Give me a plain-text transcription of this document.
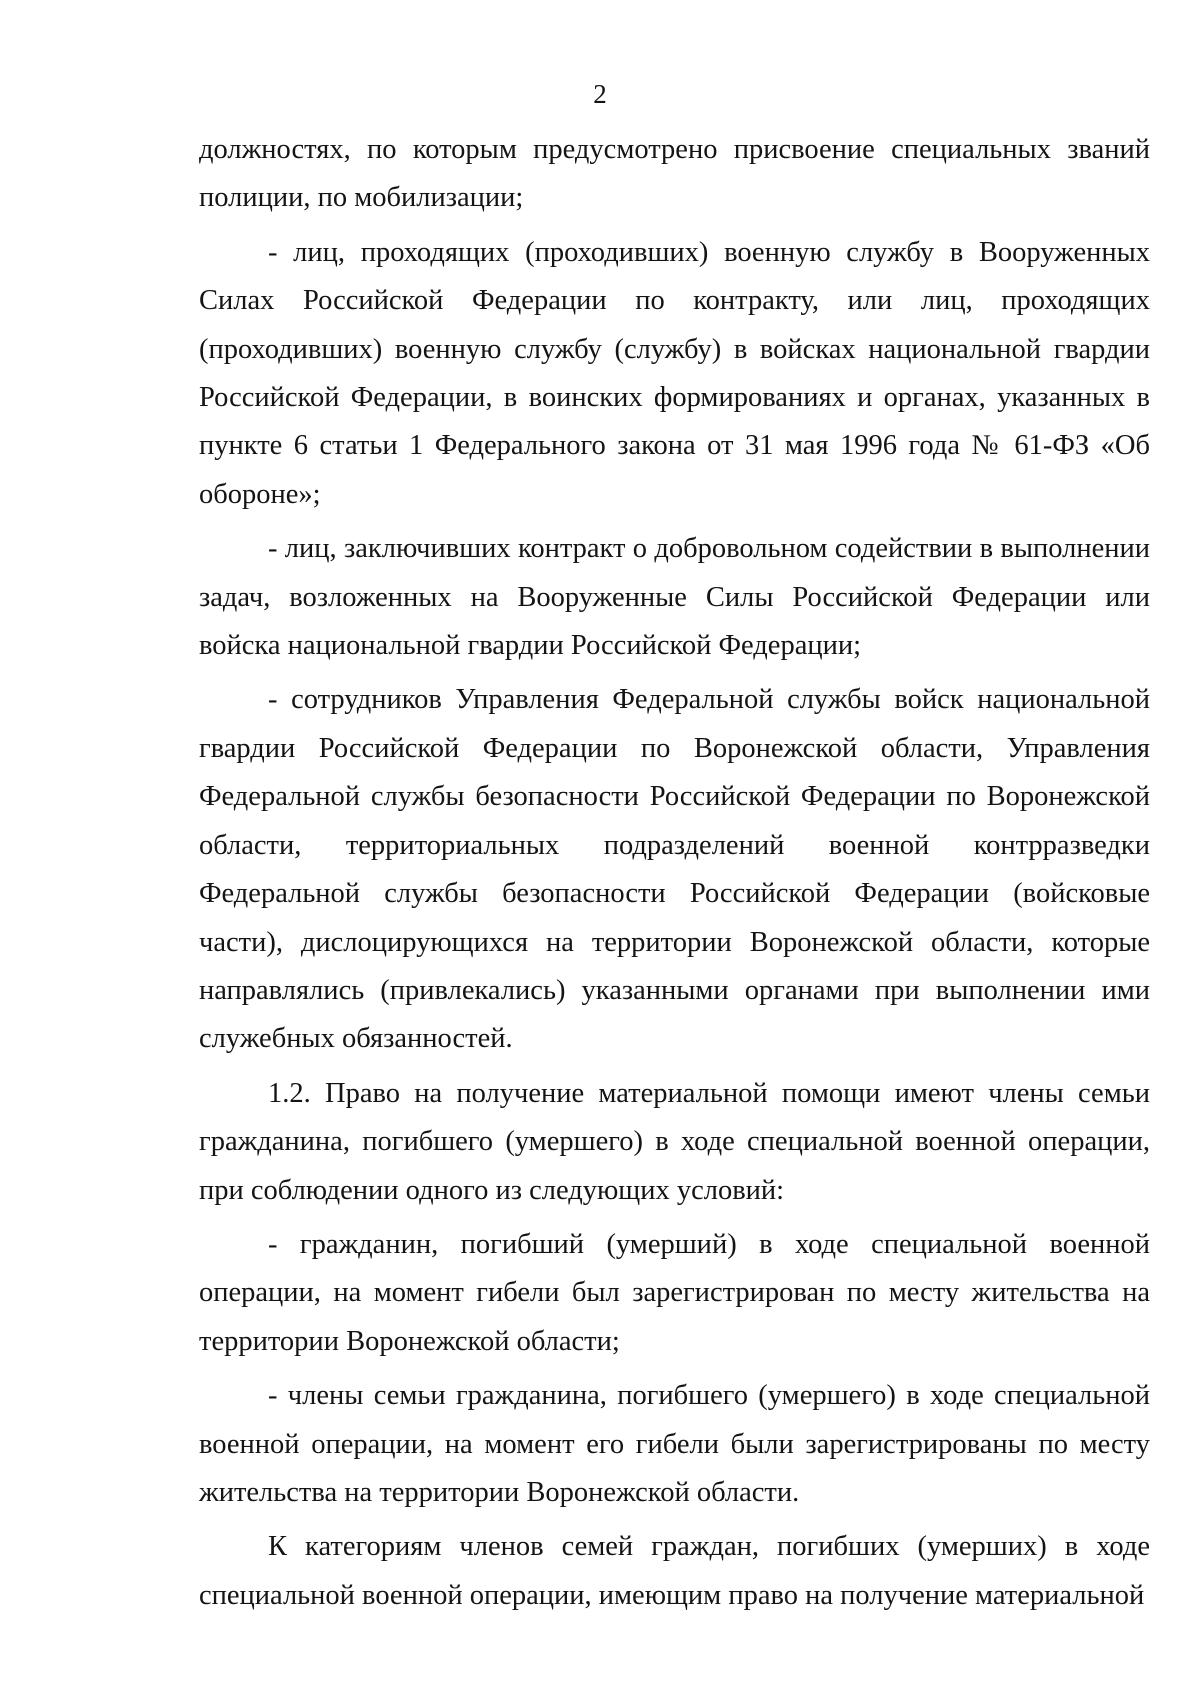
2

должностях, по которым предусмотрено присвоение специальных званий полиции, по мобилизации;

- лиц, проходящих (проходивших) военную службу в Вооруженных Силах Российской Федерации по контракту, или лиц, проходящих (проходивших) военную службу (службу) в войсках национальной гвардии Российской Федерации, в воинских формированиях и органах, указанных в пункте 6 статьи 1 Федерального закона от 31 мая 1996 года № 61-ФЗ «Об обороне»;

- лиц, заключивших контракт о добровольном содействии в выполнении задач, возложенных на Вооруженные Силы Российской Федерации или войска национальной гвардии Российской Федерации;

- сотрудников Управления Федеральной службы войск национальной гвардии Российской Федерации по Воронежской области, Управления Федеральной службы безопасности Российской Федерации по Воронежской области, территориальных подразделений военной контрразведки Федеральной службы безопасности Российской Федерации (войсковые части), дислоцирующихся на территории Воронежской области, которые направлялись (привлекались) указанными органами при выполнении ими служебных обязанностей.

1.2. Право на получение материальной помощи имеют члены семьи гражданина, погибшего (умершего) в ходе специальной военной операции, при соблюдении одного из следующих условий:

- гражданин, погибший (умерший) в ходе специальной военной операции, на момент гибели был зарегистрирован по месту жительства на территории Воронежской области;

- члены семьи гражданина, погибшего (умершего) в ходе специальной военной операции, на момент его гибели были зарегистрированы по месту жительства на территории Воронежской области.

К категориям членов семей граждан, погибших (умерших) в ходе специальной военной операции, имеющим право на получение материальной
